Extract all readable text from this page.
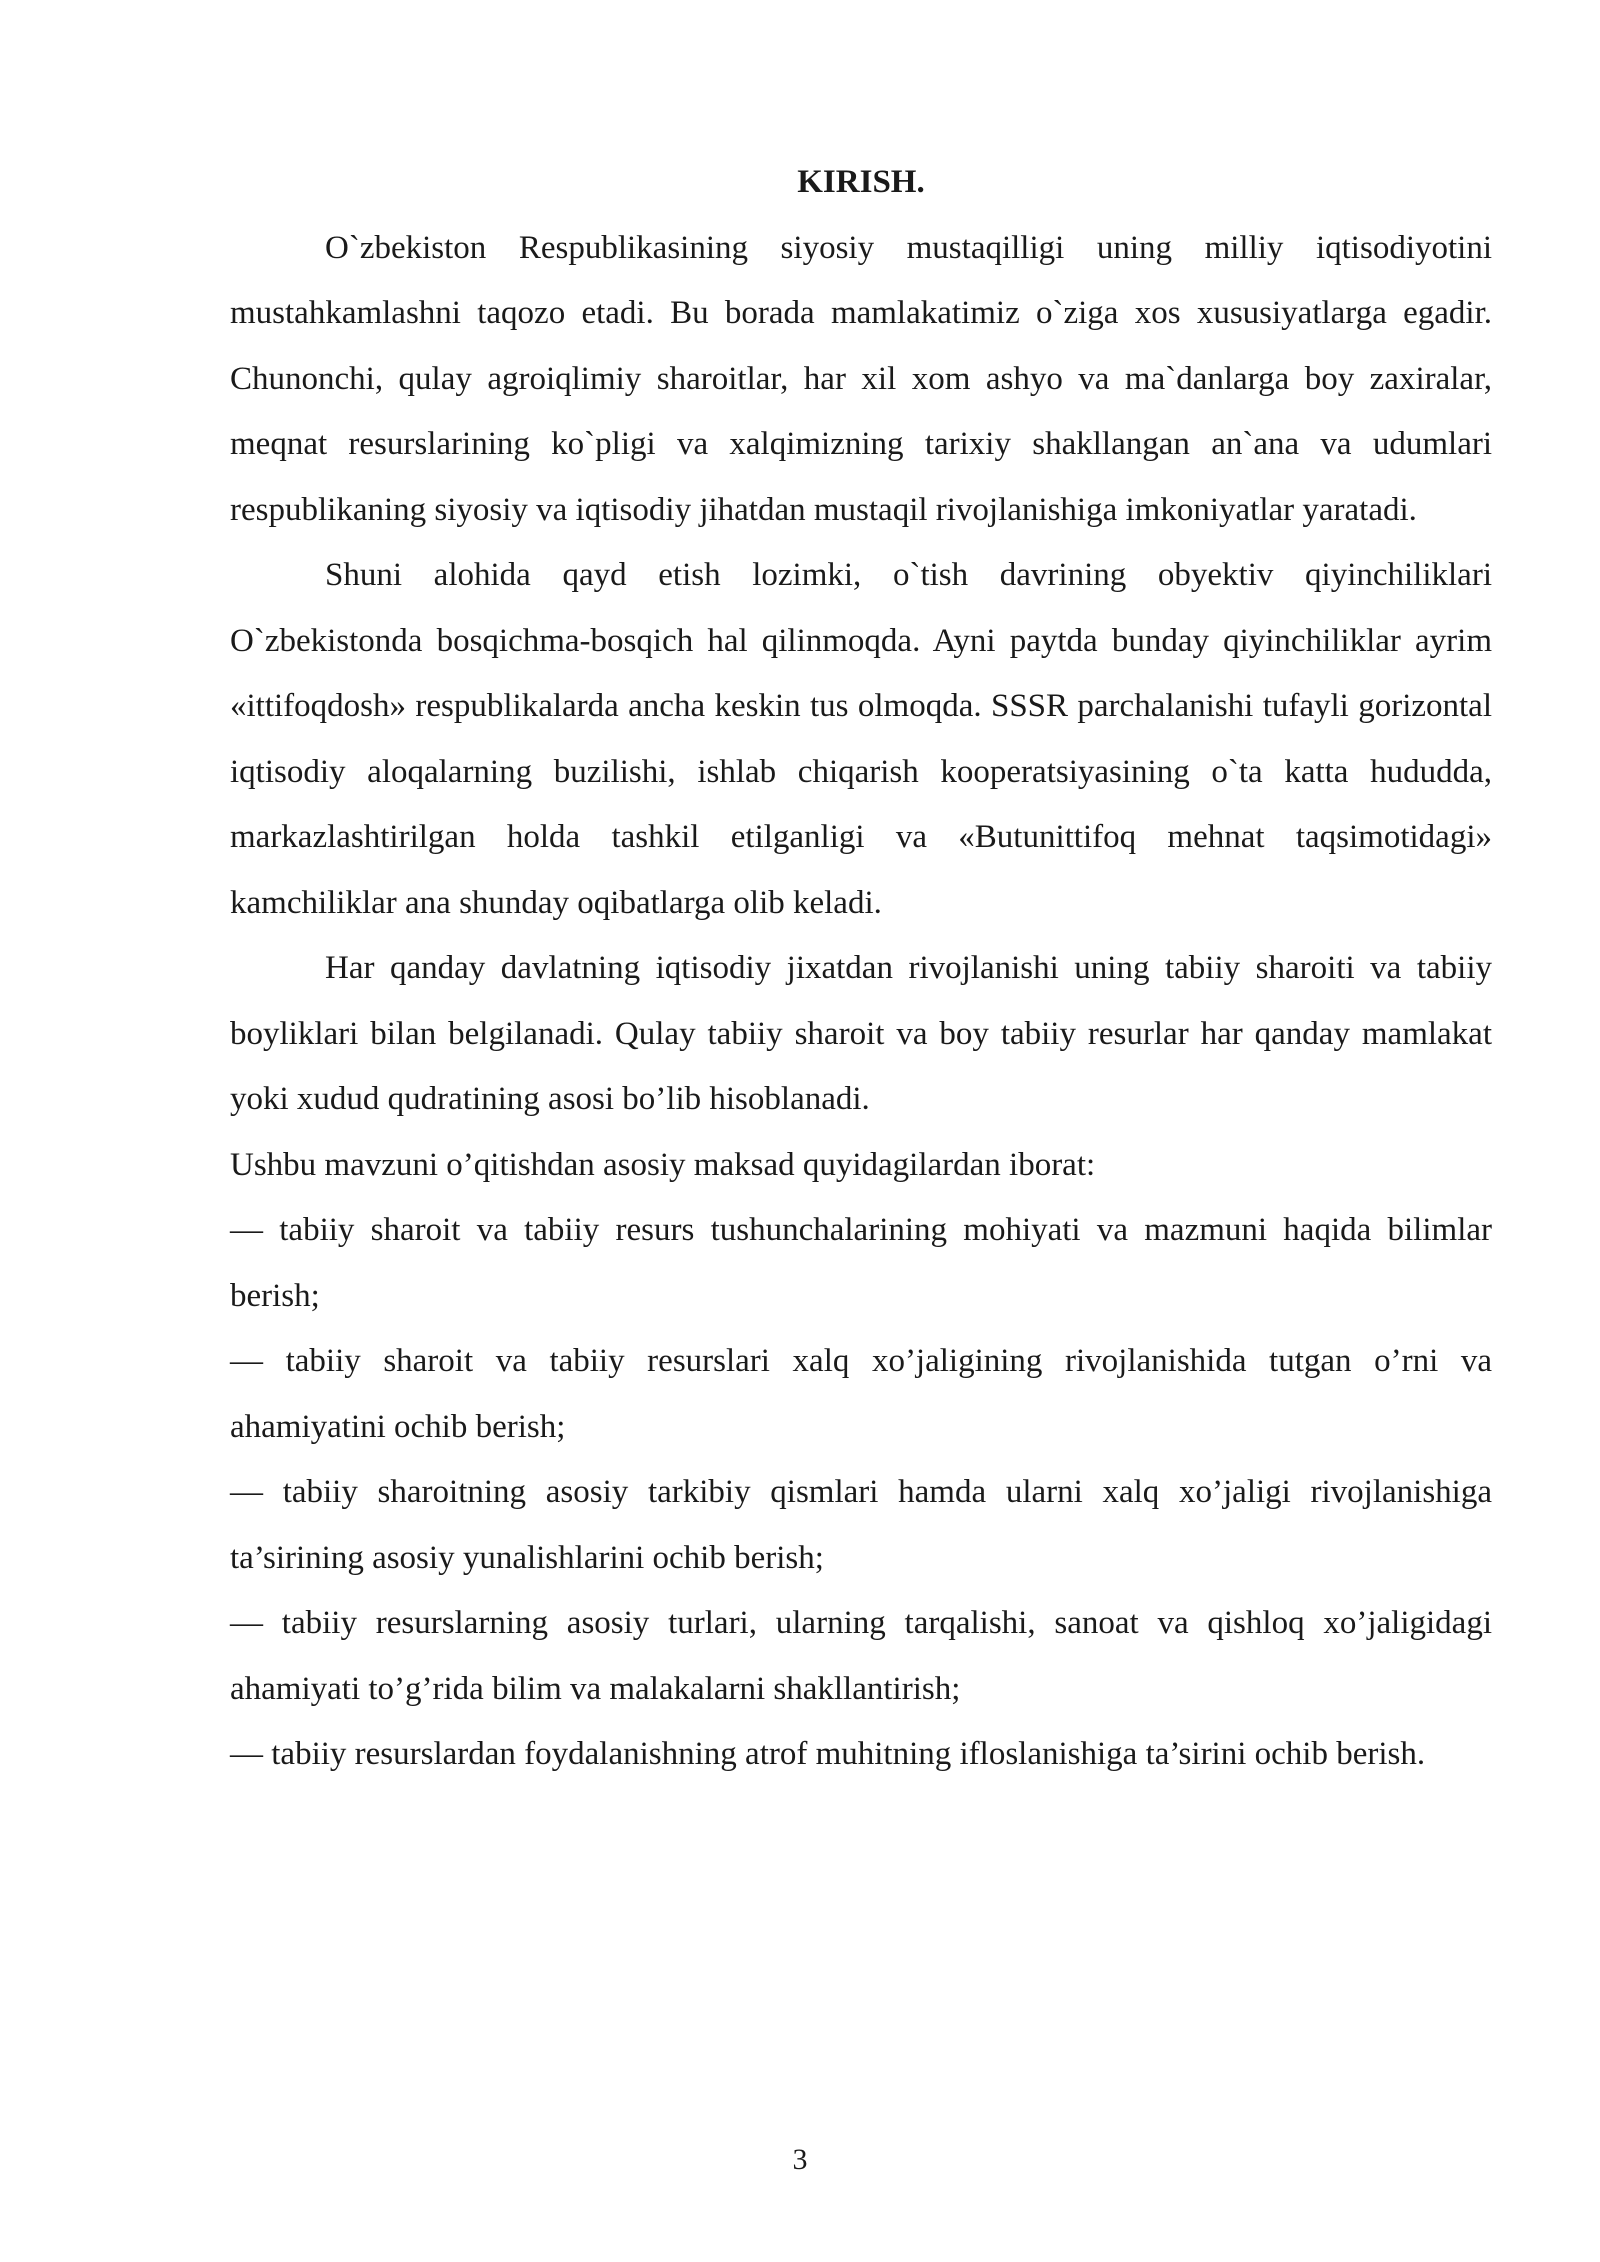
KIRISH.

O`zbekiston Respublikasining siyosiy mustaqilligi uning milliy iqtisodiyotini mustahkamlashni taqozo etadi. Bu borada mamlakatimiz o`ziga xos xususiyatlarga egadir. Chunonchi, qulay agroiqlimiy sharoitlar, har xil xom ashyo va ma`danlarga boy zaxiralar, meqnat resurslarining ko`pligi va xalqimizning tarixiy shakllangan an`ana va udumlari respublikaning siyosiy va iqtisodiy jihatdan mustaqil rivojlanishiga imkoniyatlar yaratadi.

Shuni alohida qayd etish lozimki, o`tish davrining obyektiv qiyinchiliklari O`zbekistonda bosqichma-bosqich hal qilinmoqda. Ayni paytda bunday qiyinchiliklar ayrim «ittifoqdosh» respublikalarda ancha keskin tus olmoqda. SSSR parchalanishi tufayli gorizontal iqtisodiy aloqalarning buzilishi, ishlab chiqarish kooperatsiyasining o`ta katta hududda, markazlashtirilgan holda tashkil etilganligi va «Butunittifoq mehnat taqsimotidagi» kamchiliklar ana shunday oqibatlarga olib keladi.

Har qanday davlatning iqtisodiy jixatdan rivojlanishi uning tabiiy sharoiti va tabiiy boyliklari bilan belgilanadi. Qulay tabiiy sharoit va boy tabiiy resurlar har qanday mamlakat yoki xudud qudratining asosi bo’lib hisoblanadi.

Ushbu mavzuni o’qitishdan asosiy maksad quyidagilardan iborat:

— tabiiy sharoit va tabiiy resurs tushunchalarining mohiyati va mazmuni haqida bilimlar berish;

— tabiiy sharoit va tabiiy resurslari xalq xo’jaligining rivojlanishida tutgan o’rni va ahamiyatini ochib berish;

— tabiiy sharoitning asosiy tarkibiy qismlari hamda ularni xalq xo’jaligi rivojlanishiga ta’sirining asosiy yunalishlarini ochib berish;

— tabiiy resurslarning asosiy turlari, ularning tarqalishi, sanoat va qishloq xo’jaligidagi ahamiyati to’g’rida bilim va malakalarni shakllantirish;

— tabiiy resurslardan foydalanishning atrof muhitning ifloslanishiga ta’sirini ochib berish.

3
